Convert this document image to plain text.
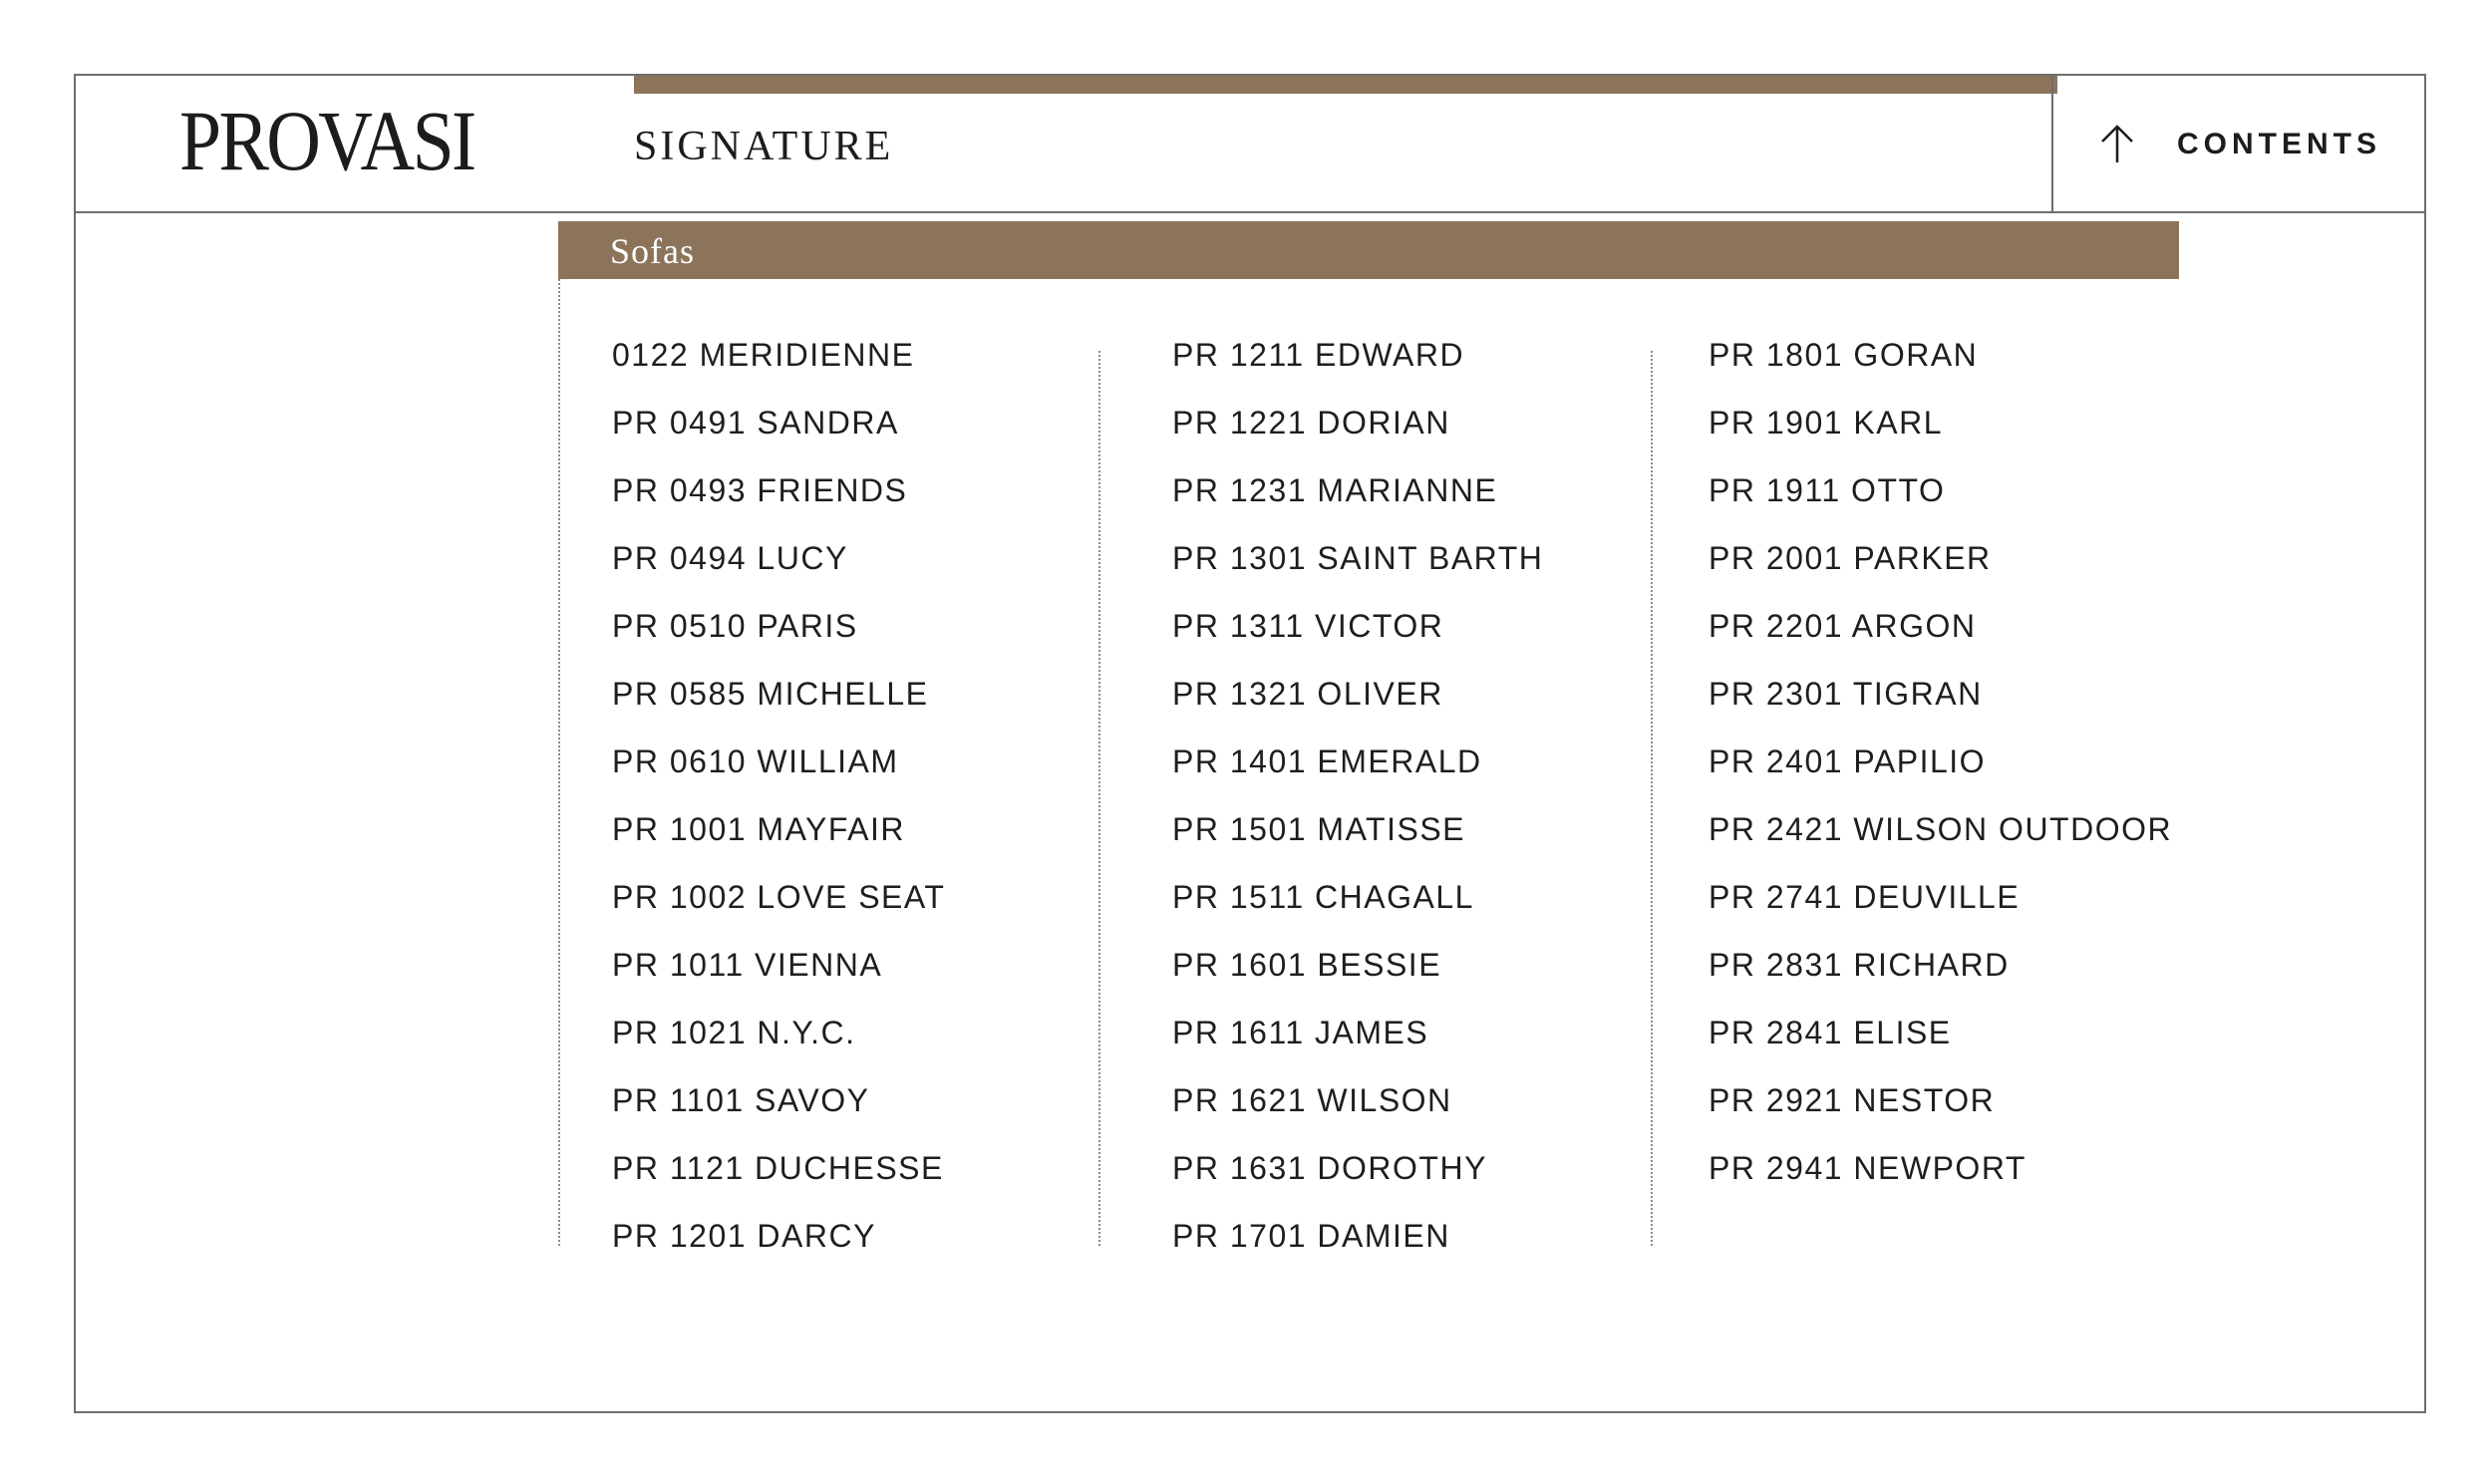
PROVASI	SIGNATURE	CONTENTS
Sofas
0122 MERIDIENNE
PR 0491 SANDRA
PR 0493 FRIENDS
PR 0494 LUCY
PR 0510 PARIS
PR 0585 MICHELLE
PR 0610 WILLIAM
PR 1001 MAYFAIR
PR 1002 LOVE SEAT
PR 1011 VIENNA
PR 1021 N.Y.C.
PR 1101 SAVOY
PR 1121 DUCHESSE
PR 1201 DARCY
PR 1211 EDWARD
PR 1221 DORIAN
PR 1231 MARIANNE
PR 1301 SAINT BARTH
PR 1311 VICTOR
PR 1321 OLIVER
PR 1401 EMERALD
PR 1501 MATISSE
PR 1511 CHAGALL
PR 1601 BESSIE
PR 1611 JAMES
PR 1621 WILSON
PR 1631 DOROTHY
PR 1701 DAMIEN
PR 1801 GORAN
PR 1901 KARL
PR 1911 OTTO
PR 2001 PARKER
PR 2201 ARGON
PR 2301 TIGRAN
PR 2401 PAPILIO
PR 2421 WILSON OUTDOOR
PR 2741 DEUVILLE
PR 2831 RICHARD
PR 2841 ELISE
PR 2921 NESTOR
PR 2941 NEWPORT
